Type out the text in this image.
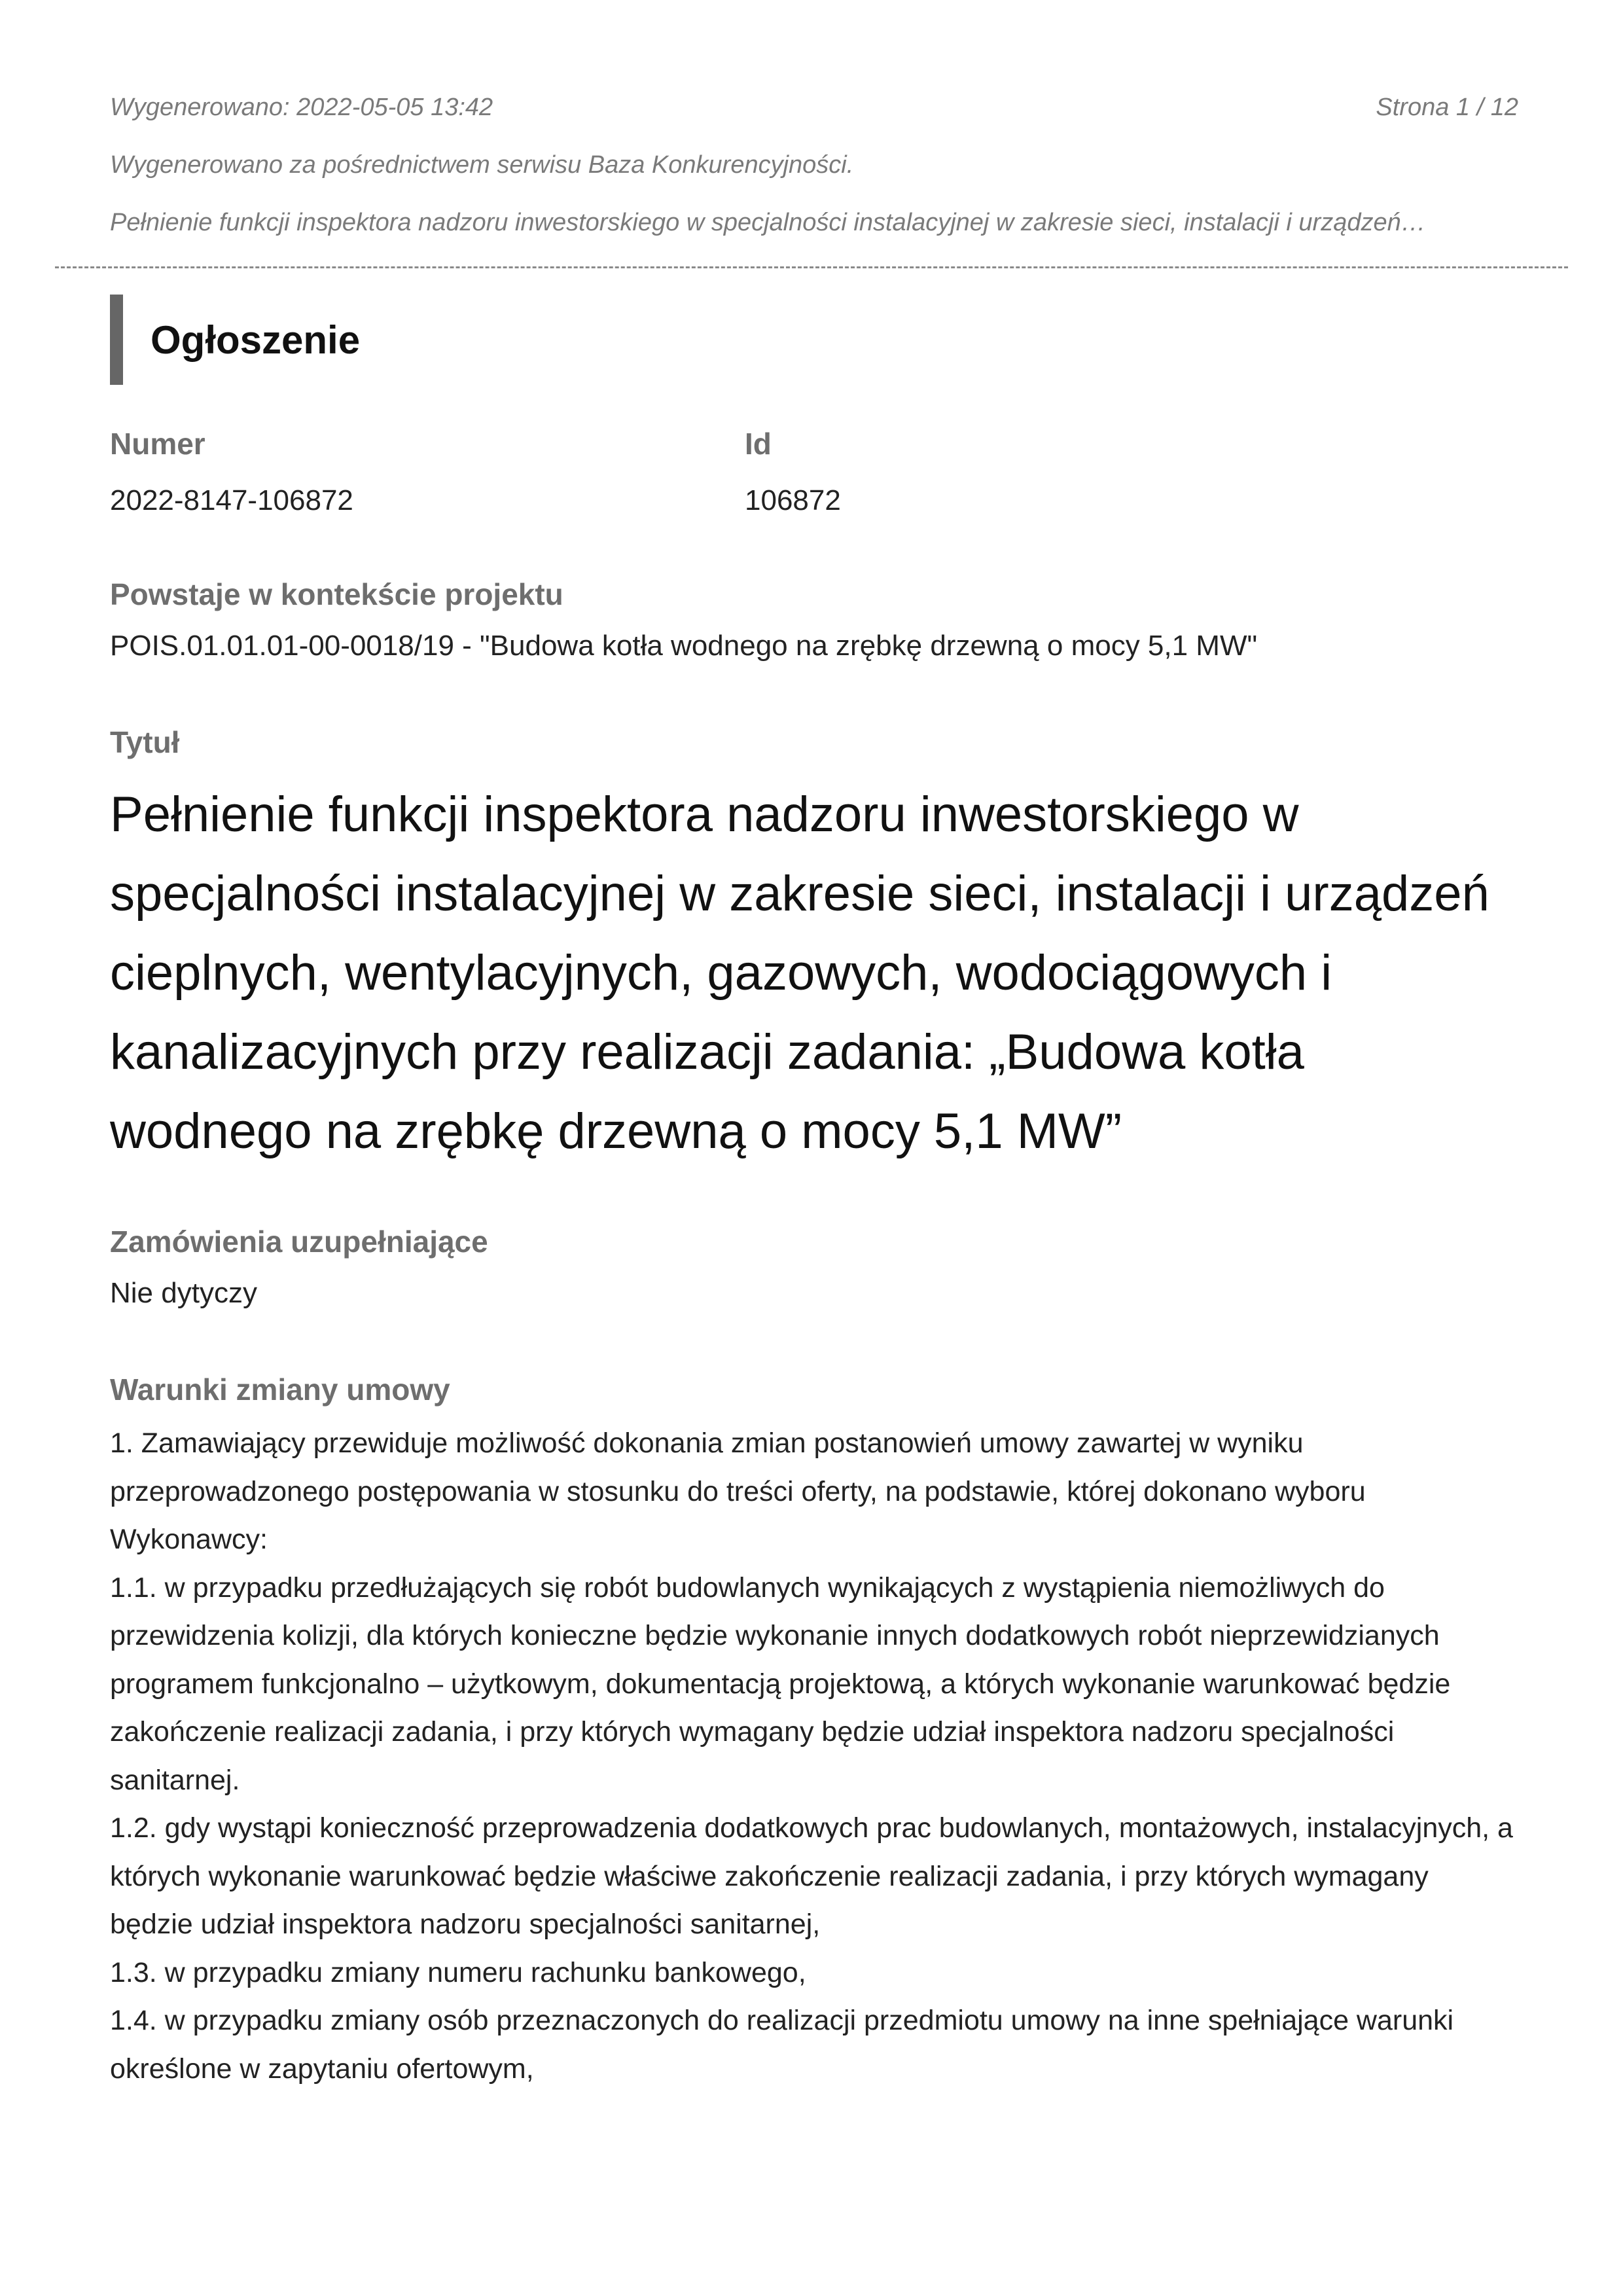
Wygenerowano: 2022-05-05 13:42	Strona 1 / 12
Wygenerowano za pośrednictwem serwisu Baza Konkurencyjności.
Pełnienie funkcji inspektora nadzoru inwestorskiego w specjalności instalacyjnej w zakresie sieci, instalacji i urządzeń…
Ogłoszenie
Numer
2022-8147-106872
Id
106872
Powstaje w kontekście projektu
POIS.01.01.01-00-0018/19 - "Budowa kotła wodnego na zrębkę drzewną o mocy 5,1 MW"
Tytuł
Pełnienie funkcji inspektora nadzoru inwestorskiego w specjalności instalacyjnej w zakresie sieci, instalacji i urządzeń cieplnych, wentylacyjnych, gazowych, wodociągowych i kanalizacyjnych przy realizacji zadania: „Budowa kotła wodnego na zrębkę drzewną o mocy 5,1 MW”
Zamówienia uzupełniające
Nie dytyczy
Warunki zmiany umowy

1. Zamawiający przewiduje możliwość dokonania zmian postanowień umowy zawartej w wyniku przeprowadzonego postępowania w stosunku do treści oferty, na podstawie, której dokonano wyboru Wykonawcy:

1.1. w przypadku przedłużających się robót budowlanych wynikających z wystąpienia niemożliwych do przewidzenia kolizji, dla których konieczne będzie wykonanie innych dodatkowych robót nieprzewidzianych programem funkcjonalno – użytkowym, dokumentacją projektową, a których wykonanie warunkować będzie zakończenie realizacji zadania, i przy których wymagany będzie udział inspektora nadzoru specjalności sanitarnej.

1.2. gdy wystąpi konieczność przeprowadzenia dodatkowych prac budowlanych, montażowych, instalacyjnych, a których wykonanie warunkować będzie właściwe zakończenie realizacji zadania, i przy których wymagany będzie udział inspektora nadzoru specjalności sanitarnej,

1.3. w przypadku zmiany numeru rachunku bankowego,

1.4. w przypadku zmiany osób przeznaczonych do realizacji przedmiotu umowy na inne spełniające warunki określone w zapytaniu ofertowym,
